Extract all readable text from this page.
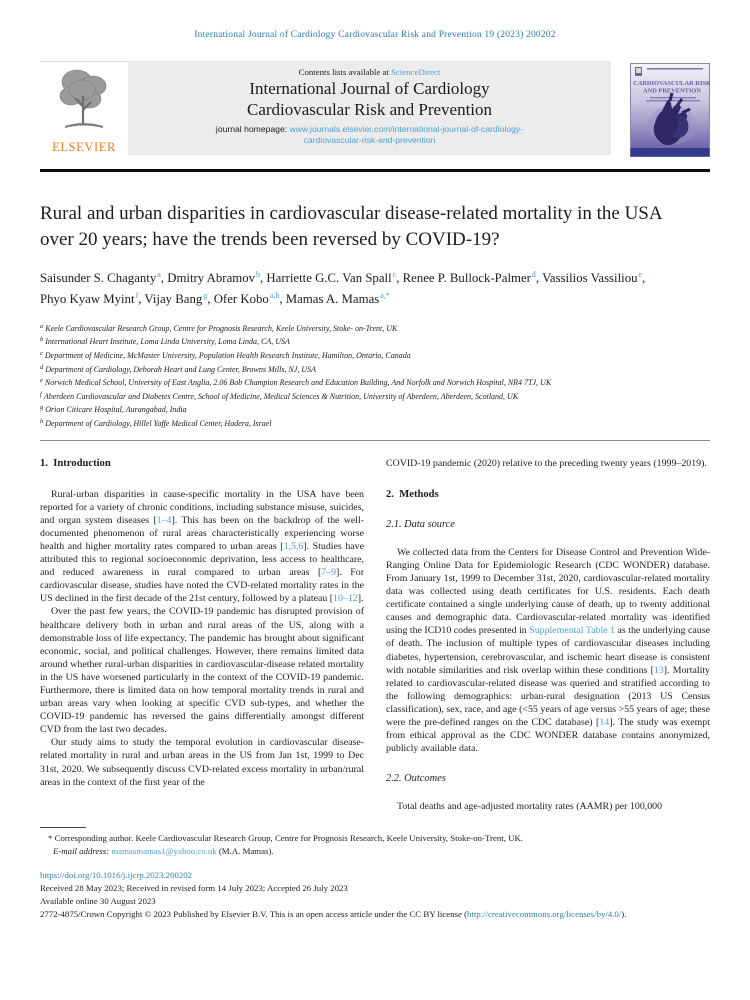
International Journal of Cardiology Cardiovascular Risk and Prevention 19 (2023) 200202
ELSEVIER
Contents lists available at ScienceDirect
International Journal of Cardiology
Cardiovascular Risk and Prevention
journal homepage: www.journals.elsevier.com/international-journal-of-cardiology-cardiovascular-risk-and-prevention
CARDIOVASCULAR RISK
AND PREVENTION
Rural and urban disparities in cardiovascular disease-related mortality in the USA over 20 years; have the trends been reversed by COVID-19?
Saisunder S. Chaganty$^a$, Dmitry Abramov$^b$, Harriette G.C. Van Spall$^c$, Renee P. Bullock-Palmer$^d$, Vassilios Vassiliou$^e$, Phyo Kyaw Myint$^f$, Vijay Bang$^g$, Ofer Kobo$^{a,h}$, Mamas A. Mamas$^{a,*}$
$^a$ Keele Cardiovascular Research Group, Centre for Prognosis Research, Keele University, Stoke- on-Trent, UK
$^b$ International Heart Institute, Loma Linda University, Loma Linda, CA, USA
$^c$ Department of Medicine, McMaster University, Population Health Research Institute, Hamilton, Ontario, Canada
$^d$ Department of Cardiology, Deborah Heart and Lung Center, Browns Mills, NJ, USA
$^e$ Norwich Medical School, University of East Anglia, 2.06 Bob Champion Research and Education Building, And Norfolk and Norwich Hospital, NR4 7TJ, UK
$^f$ Aberdeen Cardiovascular and Diabetes Centre, School of Medicine, Medical Sciences & Nutrition, University of Aberdeen, Aberdeen, Scotland, UK
$^g$ Orion Citicare Hospital, Aurangabad, India
$^h$ Department of Cardiology, Hillel Yaffe Medical Center, Hadera, Israel
1.  Introduction

Rural-urban disparities in cause-specific mortality in the USA have been reported for a variety of chronic conditions, including substance misuse, suicides, and organ system diseases [1–4]. This has been on the backdrop of the well-documented phenomenon of rural areas characteristically experiencing worse health and higher mortality rates compared to urban areas [1,5,6]. Studies have attributed this to regional socioeconomic deprivation, less access to healthcare, and reduced awareness in rural compared to urban areas [7–9]. For cardiovascular disease, studies have noted the CVD-related mortality rates in the US declined in the first decade of the 21st century, followed by a plateau [10–12].

Over the past few years, the COVID-19 pandemic has disrupted provision of healthcare delivery both in urban and rural areas of the US, along with a demonstrable loss of life expectancy. The pandemic has brought about significant economic, social, and political challenges. However, there remains limited data around whether rural-urban disparities in cardiovascular-disease related mortality in the US have worsened particularly in the context of the COVID-19 pandemic. Furthermore, there is limited data on how temporal mortality trends in rural and urban areas vary when looking at specific CVD sub-types, and whether the COVID-19 pandemic has reversed the gains differentially amongst different CVD from the last two decades.

Our study aims to study the temporal evolution in cardiovascular disease-related mortality in rural and urban areas in the US from Jan 1st, 1999 to Dec 31st, 2020. We subsequently discuss CVD-related excess mortality in urban/rural areas in the context of the first year of the

COVID-19 pandemic (2020) relative to the preceding twenty years (1999–2019).

2.  Methods
2.1. Data source

We collected data from the Centers for Disease Control and Prevention Wide-Ranging Online Data for Epidemiologic Research (CDC WONDER) database. From January 1st, 1999 to December 31st, 2020, cardiovascular-related mortality data was collected using death certificates for U.S. residents. Each death certificate contained a single underlying cause of death, up to twenty additional causes and demographic data. Cardiovascular-related mortality was identified using the ICD10 codes presented in Supplemental Table 1 as the underlying cause of death. The inclusion of multiple types of cardiovascular diseases including diabetes, hypertension, cerebrovascular, and ischemic heart disease is consistent with notable similarities and risk overlap within these conditions [13]. Mortality related to cardiovascular-related disease was queried and stratified according to the following demographics: urban-rural designation (2013 US Census classification), sex, race, and age (<55 years of age versus >55 years of age; these were the pre-defined ranges on the CDC database) [14]. The study was exempt from ethical approval as the CDC WONDER database contains anonymized, publicly available data.

2.2. Outcomes

Total deaths and age-adjusted mortality rates (AAMR) per 100,000

* Corresponding author. Keele Cardiovascular Research Group, Centre for Prognosis Research, Keele University, Stoke-on-Trent, UK.

E-mail address: mamasmamas1@yahoo.co.uk (M.A. Mamas).

https://doi.org/10.1016/j.ijcrp.2023.200202

Received 28 May 2023; Received in revised form 14 July 2023; Accepted 26 July 2023

Available online 30 August 2023

2772-4875/Crown Copyright © 2023 Published by Elsevier B.V. This is an open access article under the CC BY license (http://creativecommons.org/licenses/by/4.0/).
